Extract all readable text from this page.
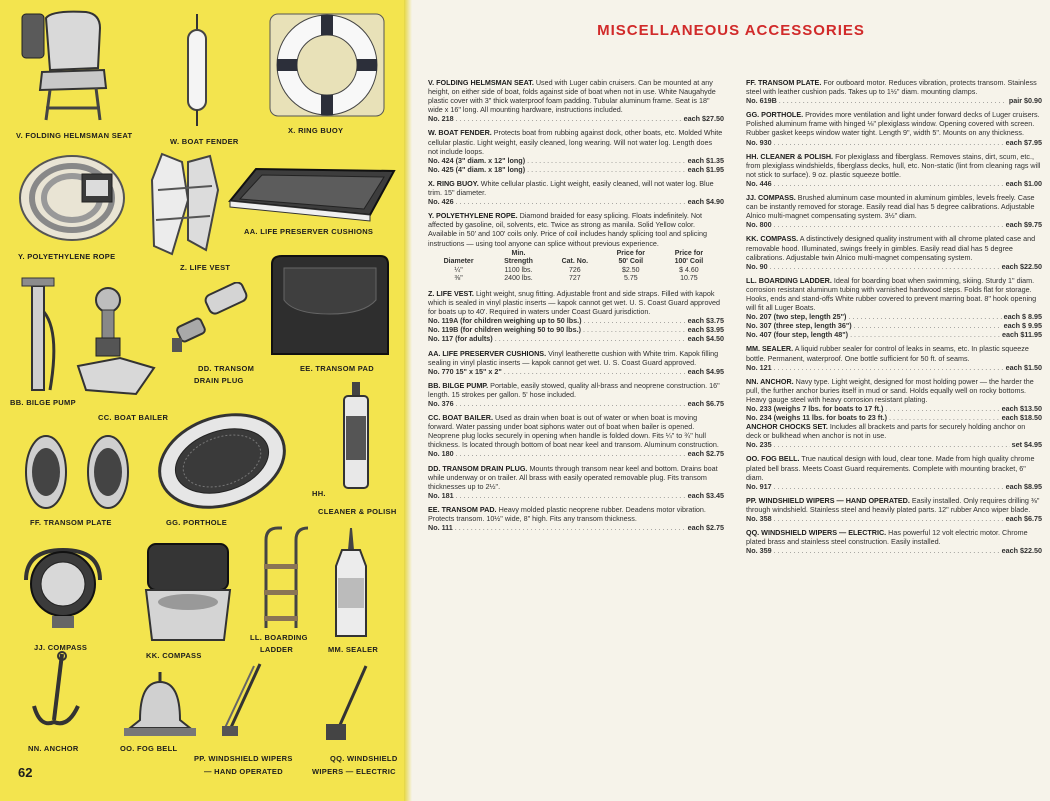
V. FOLDING HELMSMAN SEAT
W. BOAT FENDER
X. RING BUOY
Y. POLYETHYLENE ROPE
Z. LIFE VEST
AA. LIFE PRESERVER CUSHIONS
BB. BILGE PUMP
CC. BOAT BAILER
DD. TRANSOM
DRAIN PLUG
EE. TRANSOM PAD
FF. TRANSOM PLATE	GG. PORTHOLE
HH.
CLEANER & POLISH
JJ. COMPASS
KK. COMPASS
LL. BOARDING
LADDER	MM. SEALER
NN. ANCHOR	OO. FOG BELL
PP. WINDSHIELD WIPERS
— HAND OPERATED
QQ. WINDSHIELD
WIPERS — ELECTRIC
62
MISCELLANEOUS ACCESSORIES
V. FOLDING HELMSMAN SEAT. Used with Luger cabin cruisers. Can be mounted at any height, on either side of boat, folds against side of boat when not in use. White Naugahyde plastic cover with 3" thick waterproof foam padding. Tubular aluminum frame. Seat is 18" wide x 16" long. All mounting hardware, instructions included.
No. 218 . . .	each $27.50
W. BOAT FENDER. Protects boat from rubbing against dock, other boats, etc. Molded White cellular plastic. Light weight, easily cleaned, long wearing. Will not water log. Length does not include loops.
No. 424 (3" diam. x 12" long) . . .	each $1.35
No. 425 (4" diam. x 18" long) . . .	each $1.95
X. RING BUOY. White cellular plastic. Light weight, easily cleaned, will not water log. Blue trim. 15" diameter.
No. 426 . . .	each $4.90
Y. POLYETHYLENE ROPE. Diamond braided for easy splicing. Floats indefinitely. Not affected by gasoline, oil, solvents, etc. Twice as strong as manila. Solid Yellow color. Available in 50' and 100' coils only. Price of coil includes handy splicing tool and splicing instructions — using tool anyone can splice without previous experience.
	Min.		Price for	Price for
Diameter	Strength	Cat. No.	50' Coil	100' Coil
¼"	1100 lbs.	726	$2.50	$ 4.60
⅜"	2400 lbs.	727	5.75	10.75
Z. LIFE VEST. Light weight, snug fitting. Adjustable front and side straps. Filled with kapok which is sealed in vinyl plastic inserts — kapok cannot get wet. U. S. Coast Guard approved for boats up to 40'. Required in waters under Coast Guard jurisdiction.
No. 119A (for children weighing up to 50 lbs.) . . .	each $3.75
No. 119B (for children weighing 50 to 90 lbs.) . . .	each $3.95
No. 117 (for adults) . . .	each $4.50
AA. LIFE PRESERVER CUSHIONS. Vinyl leatherette cushion with White trim. Kapok filling sealing in vinyl plastic inserts — kapok cannot get wet. U. S. Coast Guard approved.
No. 770 15" x 15" x 2" . . .	each $4.95
BB. BILGE PUMP. Portable, easily stowed, quality all-brass and neoprene construction. 16" length. 15 strokes per gallon. 5' hose included.
No. 376 . . .	each $6.75
CC. BOAT BAILER. Used as drain when boat is out of water or when boat is moving forward. Water passing under boat siphons water out of boat when bailer is opened. Neoprene plug locks securely in opening when handle is folded down. Fits ¼" to ¾" hull thickness. Is located through bottom of boat near keel and transom. Aluminum construction.
No. 180 . . .	each $2.75
DD. TRANSOM DRAIN PLUG. Mounts through transom near keel and bottom. Drains boat while underway or on trailer. All brass with easily operated removable plug. Fits transom thicknesses up to 2½".
No. 181 . . .	each $3.45
EE. TRANSOM PAD. Heavy molded plastic neoprene rubber. Deadens motor vibration. Protects transom. 10½" wide, 8" high. Fits any transom thickness.
No. 111 . . .	each $2.75
FF. TRANSOM PLATE. For outboard motor. Reduces vibration, protects transom. Stainless steel with leather cushion pads. Takes up to 1½" diam. mounting clamps.
No. 619B . . .	pair $0.90
GG. PORTHOLE. Provides more ventilation and light under forward decks of Luger cruisers. Polished aluminum frame with hinged ⅛" plexiglass window. Opening covered with screen. Rubber gasket keeps window water tight. Length 9", width 5". Mounts on any thickness.
No. 930 . . .	each $7.95
HH. CLEANER & POLISH. For plexiglass and fiberglass. Removes stains, dirt, scum, etc., from plexiglass windshields, fiberglass decks, hull, etc. Non-static (lint from cleaning rags will not stick to surface). 9 oz. plastic squeeze bottle.
No. 446 . . .	each $1.00
JJ. COMPASS. Brushed aluminum case mounted in aluminum gimbles, levels freely. Case can be instantly removed for storage. Easily read dial has 5 degree calibrations. Adjustable Alnico multi-magnet compensating system. 3½" diam.
No. 800 . . .	each $9.75
KK. COMPASS. A distinctively designed quality instrument with all chrome plated case and removable hood. Illuminated, swings freely in gimbles. Easily read dial has 5 degree calibrations. Adjustable twin Alnico multi-magnet compensating system.
No. 90 . . .	each $22.50
LL. BOARDING LADDER. Ideal for boarding boat when swimming, skiing. Sturdy 1" diam. corrosion resistant aluminum tubing with varnished hardwood steps. Folds flat for storage. Hooks, ends and stand-offs White rubber covered to prevent marring boat. 8" hook opening will fit all Luger Boats.
No. 207 (two step, length 25") . . .	each $ 8.95
No. 307 (three step, length 36") . . .	each $ 9.95
No. 407 (four step, length 48") . . .	each $11.95
MM. SEALER. A liquid rubber sealer for control of leaks in seams, etc. In plastic squeeze bottle. Permanent, waterproof. One bottle sufficient for 50 ft. of seams.
No. 121 . . .	each $1.50
NN. ANCHOR. Navy type. Light weight, designed for most holding power — the harder the pull, the further anchor buries itself in mud or sand. Holds equally well on rocky bottoms. Heavy gauge steel with heavy corrosion resistant plating.
No. 233 (weighs 7 lbs. for boats to 17 ft.) . . .	each $13.50
No. 234 (weighs 11 lbs. for boats to 23 ft.) . . .	each $18.50
ANCHOR CHOCKS SET. Includes all brackets and parts for securely holding anchor on deck or bulkhead when anchor is not in use.
No. 235 . . .	set $4.95
OO. FOG BELL. True nautical design with loud, clear tone. Made from high quality chrome plated bell brass. Meets Coast Guard requirements. Complete with mounting bracket, 6" diam.
No. 917 . . .	each $8.95
PP. WINDSHIELD WIPERS — HAND OPERATED. Easily installed. Only requires drilling ⅜" through windshield. Stainless steel and heavily plated parts. 12" rubber Anco wiper blade.
No. 358 . . .	each $6.75
QQ. WINDSHIELD WIPERS — ELECTRIC. Has powerful 12 volt electric motor. Chrome plated brass and stainless steel construction. Easily installed.
No. 359 . . .	each $22.50
